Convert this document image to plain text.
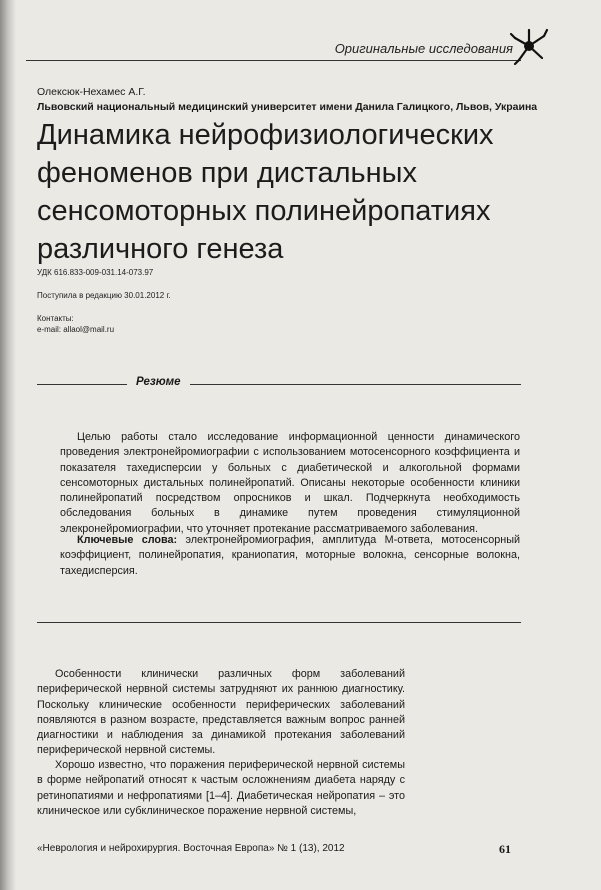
Оригинальные исследования
Олексюк-Нехамес А.Г.
Львовский национальный медицинский университет имени Данила Галицкого, Львов, Украина
Динамика нейрофизиологических
феноменов при дистальных
сенсомоторных полинейропатиях
различного генеза
УДК 616.833-009-031.14-073.97
Поступила в редакцию 30.01.2012 г.
Контакты:
e-mail: allaol@mail.ru
Резюме

Целью работы стало исследование информационной ценности динамического проведения электронейромиографии с использованием мотосенсорного коэффициента и показателя тахедисперсии у больных с диабетической и алкогольной формами сенсомоторных дистальных полинейропатий. Описаны некоторые особенности клиники полинейропатий посредством опросников и шкал. Подчеркнута необходимость обследования больных в динамике путем проведения стимуляционной элекронейромиографии, что уточняет протекание рассматриваемого заболевания.

Ключевые слова: электронейромиография, амплитуда М-ответа, мотосенсорный коэффициент, полинейропатия, краниопатия, моторные волокна, сенсорные волокна, тахедисперсия.

Особенности клинически различных форм заболеваний периферической нервной системы затрудняют их раннюю диагностику. Поскольку клинические особенности периферических заболеваний появляются в разном возрасте, представляется важным вопрос ранней диагностики и наблюдения за динамикой протекания заболеваний периферической нервной системы.

Хорошо известно, что поражения периферической нервной системы в форме нейропатий относят к частым осложнениям диабета наряду с ретинопатиями и нефропатиями [1–4]. Диабетическая нейропатия – это клиническое или субклиническое поражение нервной системы,

«Неврология и нейрохирургия. Восточная Европа» № 1 (13), 2012	61
